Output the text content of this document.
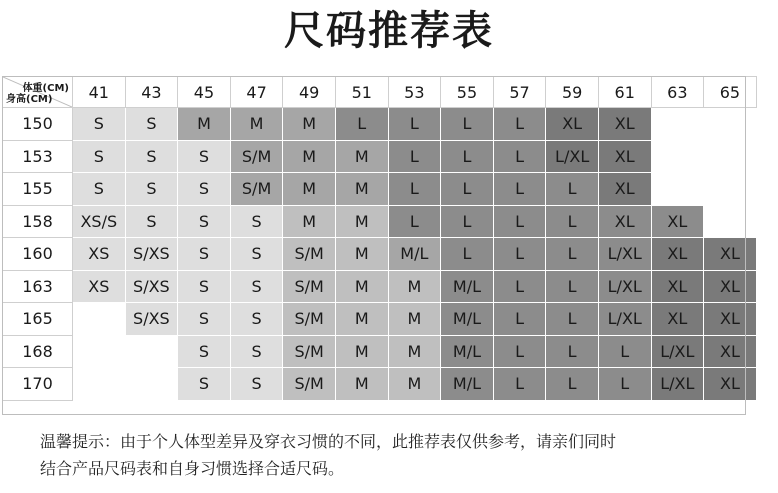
尺码推荐表
体重(CM)
身高(CM)	41	43	45	47	49	51	53	55	57	59	61	63	65
150	S	S	M	M	M	L	L	L	L	XL	XL		
153	S	S	S	S/M	M	M	L	L	L	L/XL	XL		
155	S	S	S	S/M	M	M	L	L	L	L	XL		
158	XS/S	S	S	S	M	M	L	L	L	L	XL	XL	
160	XS	S/XS	S	S	S/M	M	M/L	L	L	L	L/XL	XL	XL
163	XS	S/XS	S	S	S/M	M	M	M/L	L	L	L/XL	XL	XL
165		S/XS	S	S	S/M	M	M	M/L	L	L	L/XL	XL	XL
168			S	S	S/M	M	M	M/L	L	L	L	L/XL	XL
170			S	S	S/M	M	M	M/L	L	L	L	L/XL	XL
温馨提示：由于个人体型差异及穿衣习惯的不同，此推荐表仅供参考，请亲们同时
结合产品尺码表和自身习惯选择合适尺码。
